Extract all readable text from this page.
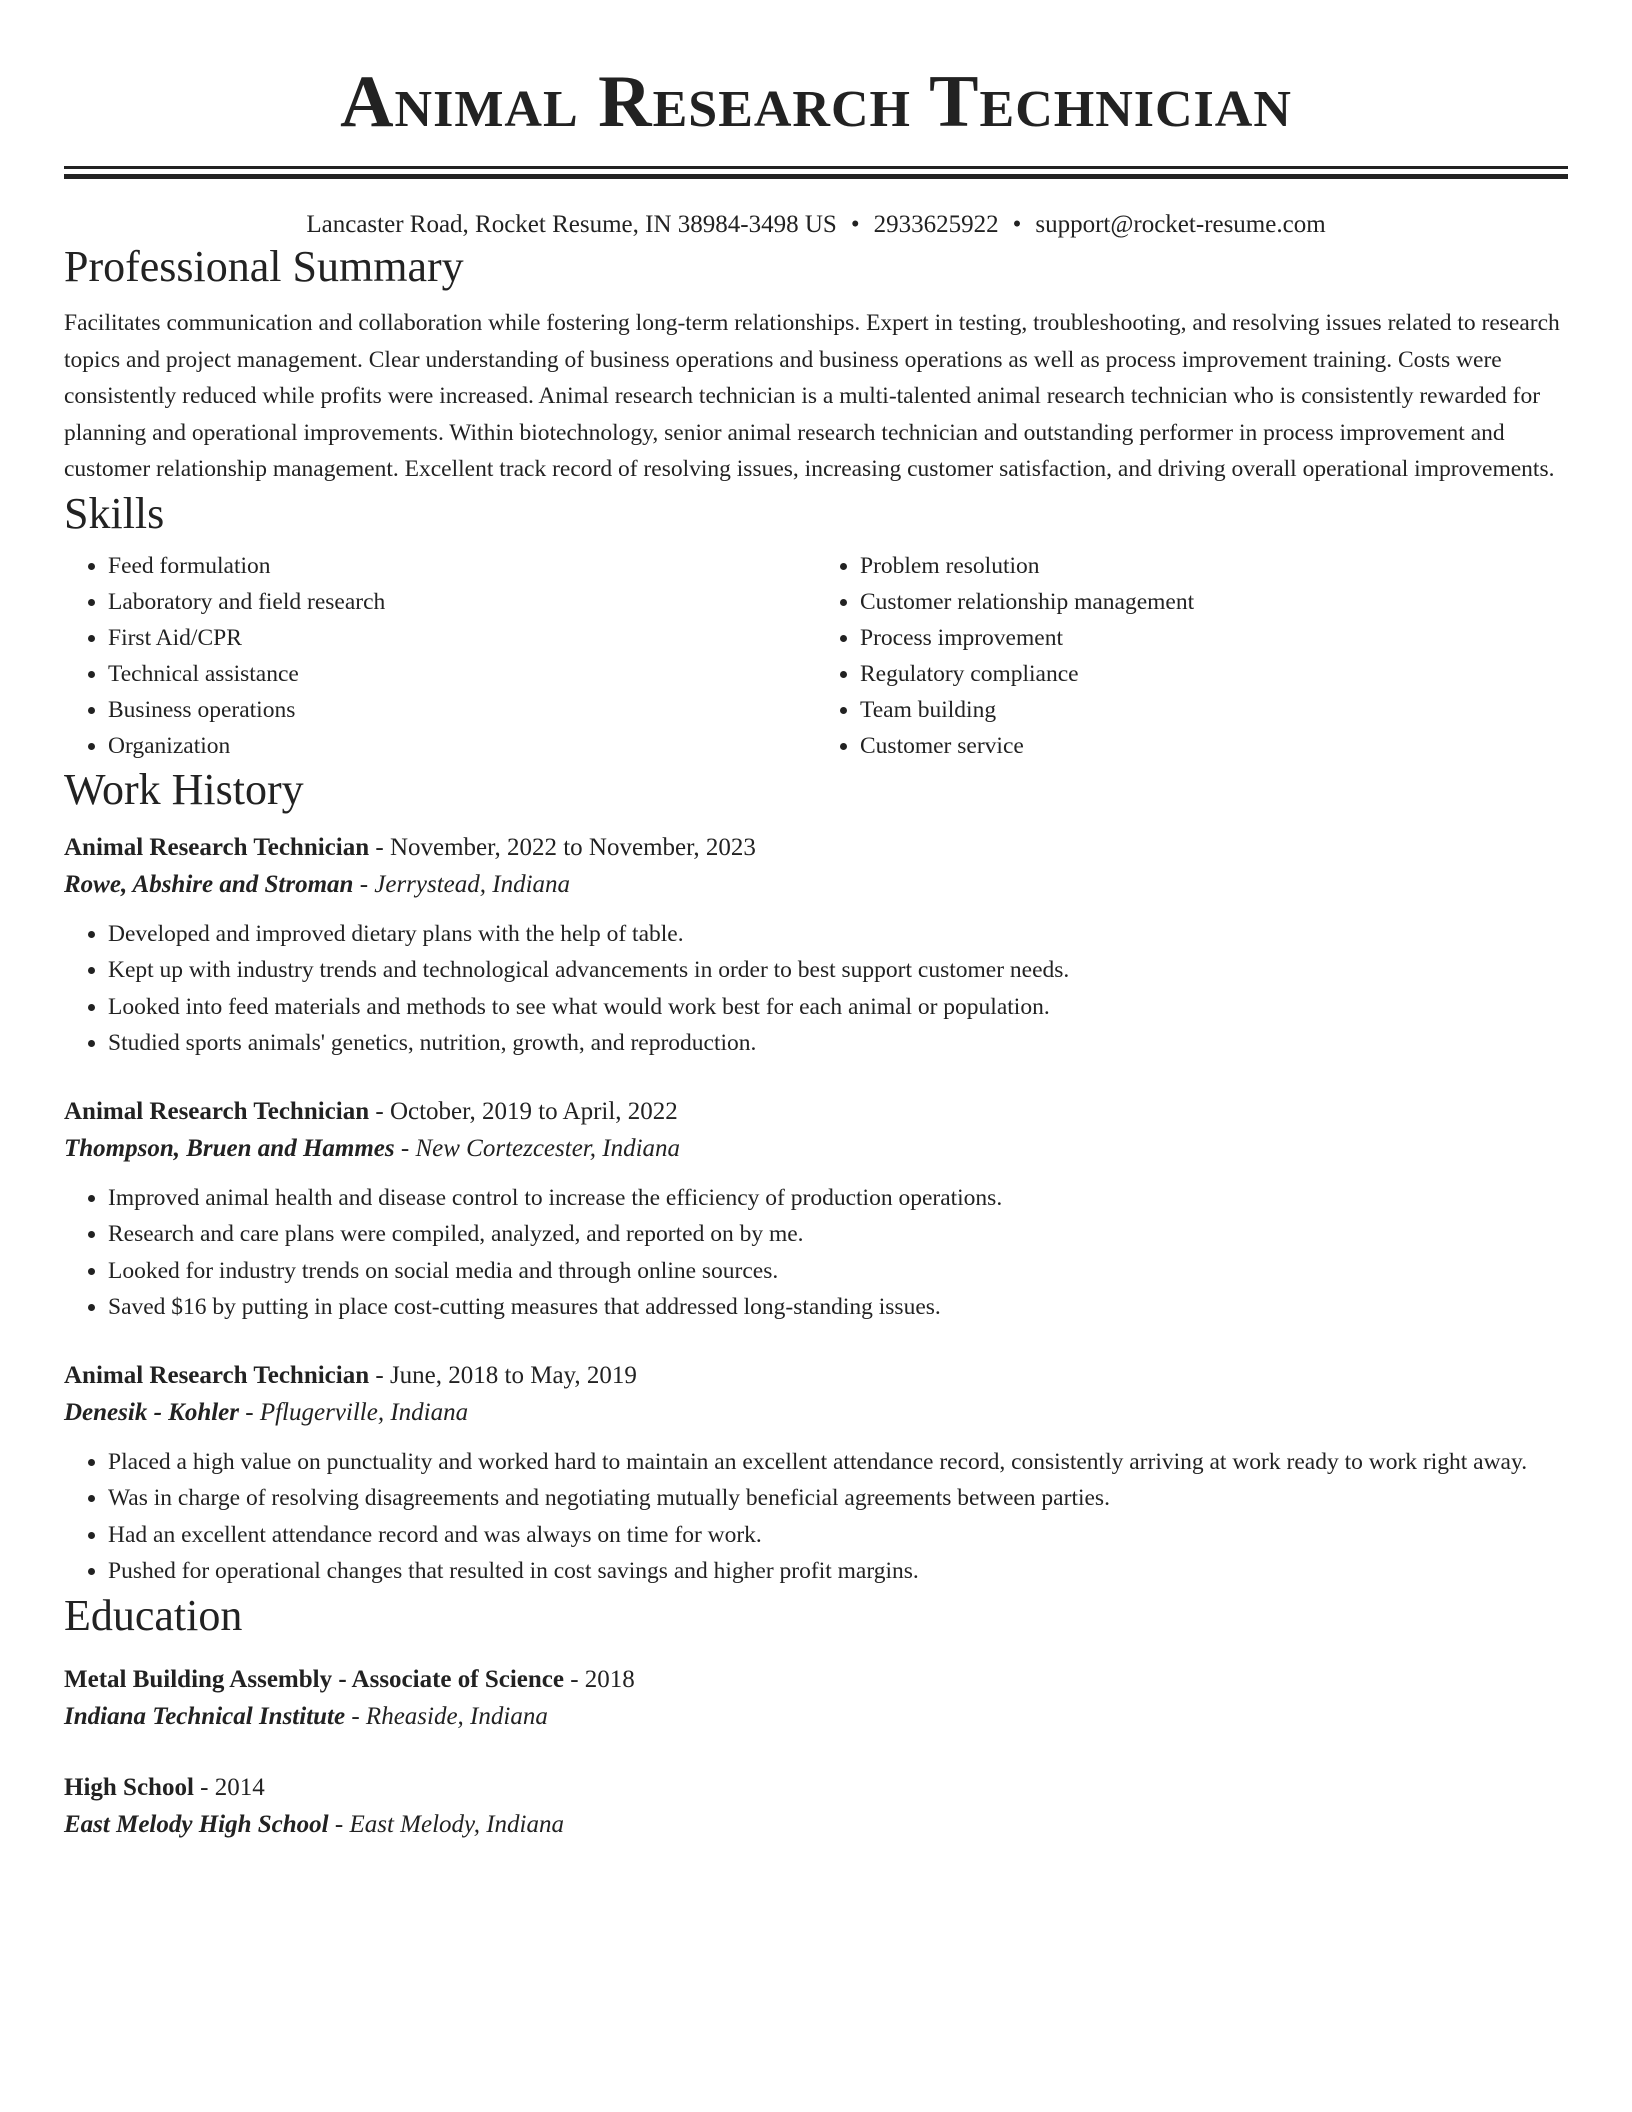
Animal Research Technician
Lancaster Road, Rocket Resume, IN 38984-3498 US • 2933625922 • support@rocket-resume.com
Professional Summary
Facilitates communication and collaboration while fostering long-term relationships. Expert in testing, troubleshooting, and resolving issues related to research topics and project management. Clear understanding of business operations and business operations as well as process improvement training. Costs were consistently reduced while profits were increased. Animal research technician is a multi-talented animal research technician who is consistently rewarded for planning and operational improvements. Within biotechnology, senior animal research technician and outstanding performer in process improvement and customer relationship management. Excellent track record of resolving issues, increasing customer satisfaction, and driving overall operational improvements.
Skills
• Feed formulation
• Laboratory and field research
• First Aid/CPR
• Technical assistance
• Business operations
• Organization
• Problem resolution
• Customer relationship management
• Process improvement
• Regulatory compliance
• Team building
• Customer service
Work History
Animal Research Technician - November, 2022 to November, 2023
Rowe, Abshire and Stroman - Jerrystead, Indiana
• Developed and improved dietary plans with the help of table.
• Kept up with industry trends and technological advancements in order to best support customer needs.
• Looked into feed materials and methods to see what would work best for each animal or population.
• Studied sports animals' genetics, nutrition, growth, and reproduction.
Animal Research Technician - October, 2019 to April, 2022
Thompson, Bruen and Hammes - New Cortezcester, Indiana
• Improved animal health and disease control to increase the efficiency of production operations.
• Research and care plans were compiled, analyzed, and reported on by me.
• Looked for industry trends on social media and through online sources.
• Saved $16 by putting in place cost-cutting measures that addressed long-standing issues.
Animal Research Technician - June, 2018 to May, 2019
Denesik - Kohler - Pflugerville, Indiana
• Placed a high value on punctuality and worked hard to maintain an excellent attendance record, consistently arriving at work ready to work right away.
• Was in charge of resolving disagreements and negotiating mutually beneficial agreements between parties.
• Had an excellent attendance record and was always on time for work.
• Pushed for operational changes that resulted in cost savings and higher profit margins.
Education
Metal Building Assembly - Associate of Science - 2018
Indiana Technical Institute - Rheaside, Indiana
High School - 2014
East Melody High School - East Melody, Indiana
